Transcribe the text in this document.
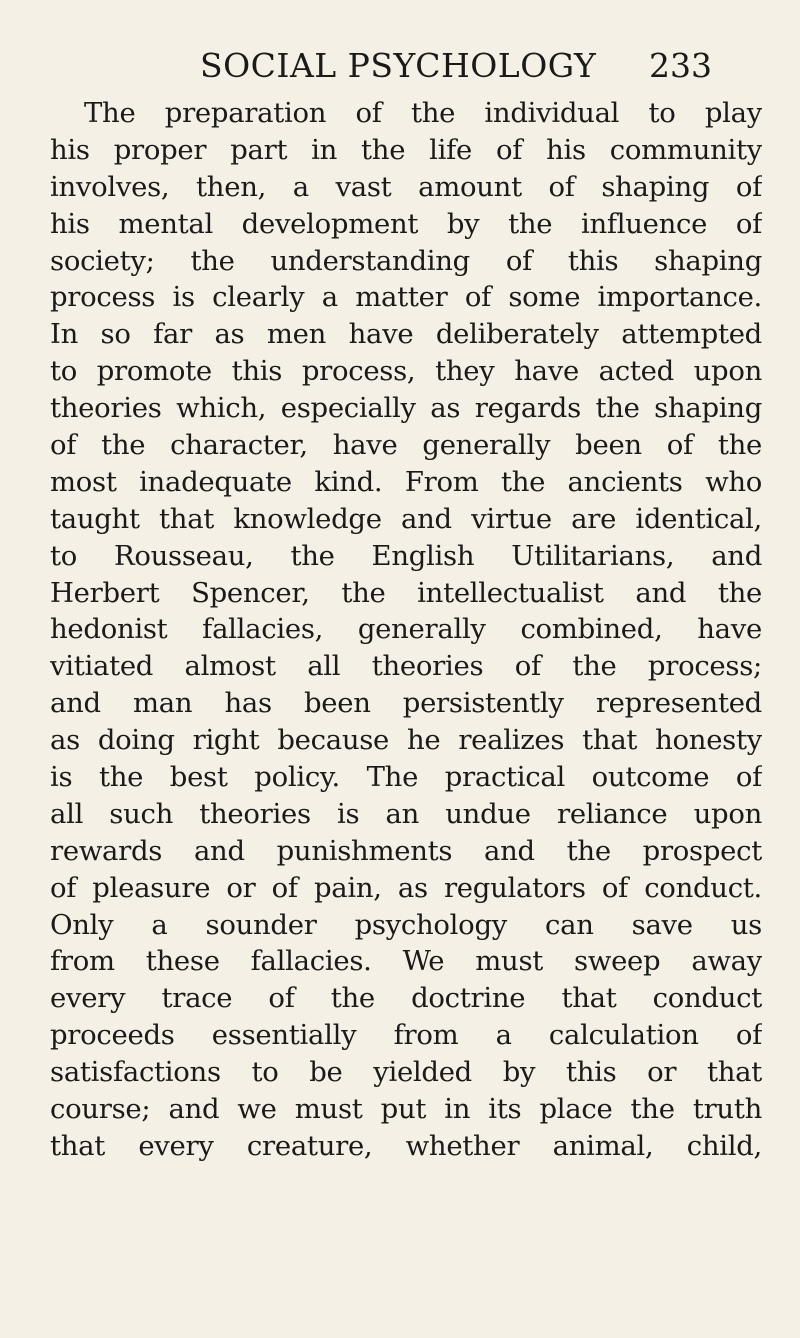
SOCIAL PSYCHOLOGY 233
The preparation of the individual to play
his proper part in the life of his community
involves, then, a vast amount of shaping of
his mental development by the influence of
society; the understanding of this shaping
process is clearly a matter of some importance.
In so far as men have deliberately attempted
to promote this process, they have acted upon
theories which, especially as regards the shaping
of the character, have generally been of the
most inadequate kind. From the ancients who
taught that knowledge and virtue are identical,
to Rousseau, the English Utilitarians, and
Herbert Spencer, the intellectualist and the
hedonist fallacies, generally combined, have
vitiated almost all theories of the process;
and man has been persistently represented
as doing right because he realizes that honesty
is the best policy. The practical outcome of
all such theories is an undue reliance upon
rewards and punishments and the prospect
of pleasure or of pain, as regulators of conduct.
Only a sounder psychology can save us
from these fallacies. We must sweep away
every trace of the doctrine that conduct
proceeds essentially from a calculation of
satisfactions to be yielded by this or that
course; and we must put in its place the truth
that every creature, whether animal, child,
